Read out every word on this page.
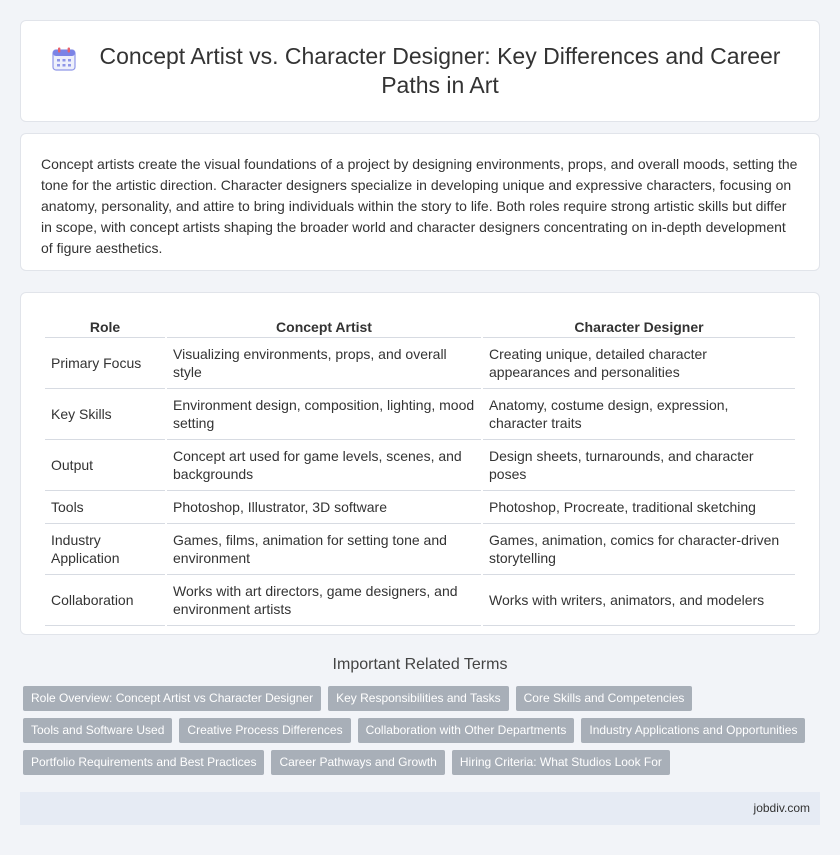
Concept Artist vs. Character Designer: Key Differences and Career Paths in Art

Concept artists create the visual foundations of a project by designing environments, props, and overall moods, setting the tone for the artistic direction. Character designers specialize in developing unique and expressive characters, focusing on anatomy, personality, and attire to bring individuals within the story to life. Both roles require strong artistic skills but differ in scope, with concept artists shaping the broader world and character designers concentrating on in-depth development of figure aesthetics.

Role	Concept Artist	Character Designer
Primary Focus	Visualizing environments, props, and overall style	Creating unique, detailed character appearances and personalities
Key Skills	Environment design, composition, lighting, mood setting	Anatomy, costume design, expression, character traits
Output	Concept art used for game levels, scenes, and backgrounds	Design sheets, turnarounds, and character poses
Tools	Photoshop, Illustrator, 3D software	Photoshop, Procreate, traditional sketching
Industry Application	Games, films, animation for setting tone and environment	Games, animation, comics for character-driven storytelling
Collaboration	Works with art directors, game designers, and environment artists	Works with writers, animators, and modelers
Important Related Terms
Role Overview: Concept Artist vs Character Designer	Key Responsibilities and Tasks	Core Skills and Competencies
Tools and Software Used	Creative Process Differences	Collaboration with Other Departments	Industry Applications and Opportunities
Portfolio Requirements and Best Practices	Career Pathways and Growth	Hiring Criteria: What Studios Look For
jobdiv.com
